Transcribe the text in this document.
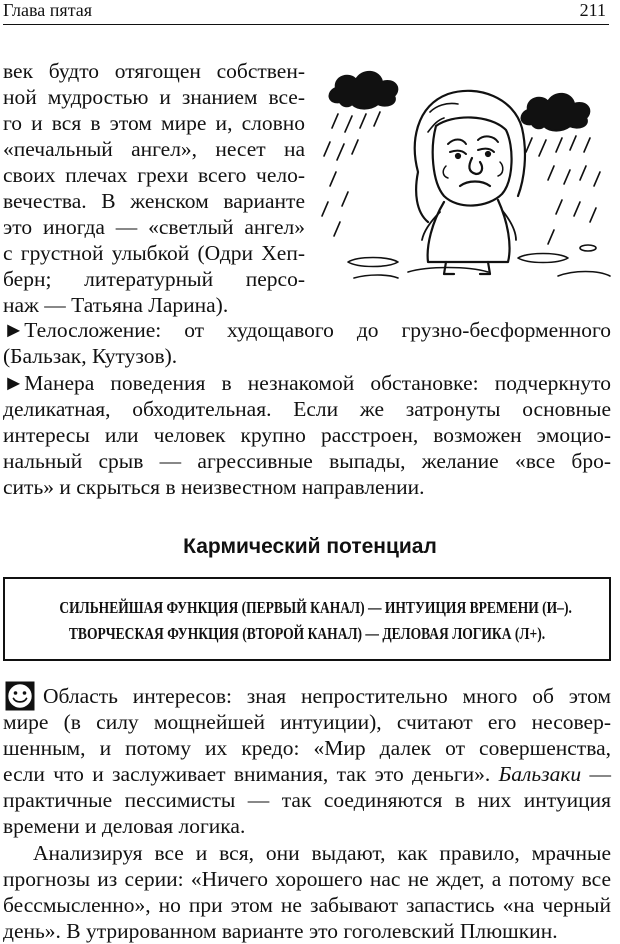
Глава пятая	211
век будто отягощен собствен-
ной мудростью и знанием все-
го и вся в этом мире и, словно
«печальный ангел», несет на
своих плечах грехи всего чело-
вечества. В женском варианте
это иногда — «светлый ангел»
с грустной улыбкой (Одри Хеп-
берн; литературный персо-
наж — Татьяна Ларина).
►Телосложение: от худощавого до грузно-бесформенного
(Бальзак, Кутузов).
►Манера поведения в незнакомой обстановке: подчеркнуто
деликатная, обходительная. Если же затронуты основные
интересы или человек крупно расстроен, возможен эмоцио-
нальный срыв — агрессивные выпады, желание «все бро-
сить» и скрыться в неизвестном направлении.
Кармический потенциал
СИЛЬНЕЙШАЯ ФУНКЦИЯ (ПЕРВЫЙ КАНАЛ) — ИНТУИЦИЯ ВРЕМЕНИ (И–).
ТВОРЧЕСКАЯ ФУНКЦИЯ (ВТОРОЙ КАНАЛ) — ДЕЛОВАЯ ЛОГИКА (Л+).
Область интересов: зная непростительно много об этом
мире (в силу мощнейшей интуиции), считают его несовер-
шенным, и потому их кредо: «Мир далек от совершенства,
если что и заслуживает внимания, так это деньги». Бальзаки —
практичные пессимисты — так соединяются в них интуиция
времени и деловая логика.
Анализируя все и вся, они выдают, как правило, мрачные
прогнозы из серии: «Ничего хорошего нас не ждет, а потому все
бессмысленно», но при этом не забывают запастись «на черный
день». В утрированном варианте это гоголевский Плюшкин.
